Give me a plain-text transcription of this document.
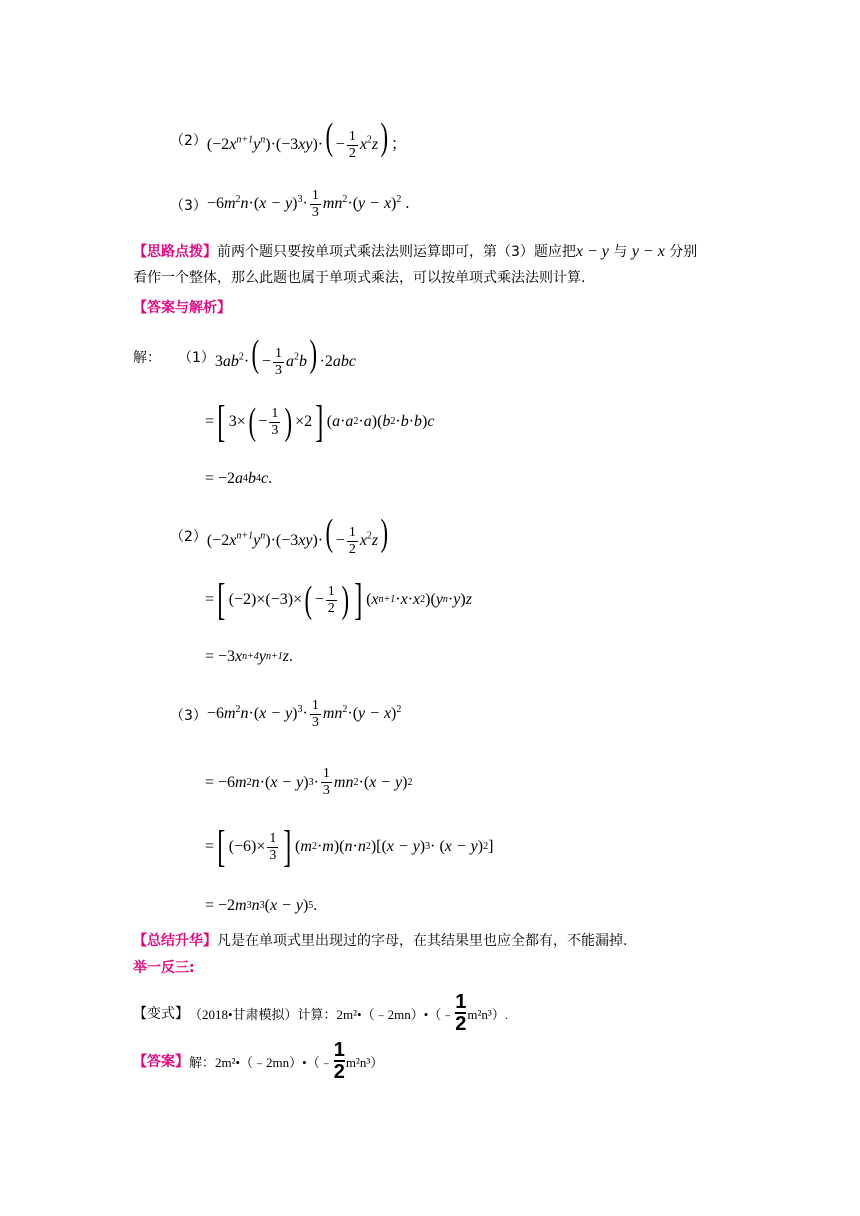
（2） $(-2x^{n+1}y^n)\cdot(-3xy)\cdot( - \frac{1}{2} x^2z)$ ；
$(3) -6m^2n\cdot(x - y)^3\cdot \frac{1}{3} mn^2\cdot(y - x)^2$ .
【思路点拨】前两个题只要按单项式乘法法则运算即可，第（3）题应把x − y 与 y − x 分别
看作一个整体，那么此题也属于单项式乘法，可以按单项式乘法法则计算.
【答案与解析】
解：	（1） $3ab^2\cdot( - \frac{1}{3} a^2b) \cdot 2abc$
= [ 3× ( − $\frac{1}{3}$ ) ×2 ] ( a · a 2 · a )( b 2 · b · b ) c
= −2 a 4 b 4 c .
（2） $(-2x^{n+1}y^n)\cdot(-3xy)\cdot( - \frac{1}{2} x^2z)$
= [ (−2)×(−3)× ( − $\frac{1}{2}$ ) ] ( x n+1 · x · x 2 )( y n · y ) z
= −3 x n+4 y n+1 z .
$(3) -6m^2n\cdot(x - y)^3\cdot \frac{1}{3} mn^2\cdot(y - x)^2$
= −6 m 2 n ·( x − y ) $3 \cdot \frac{1}{3}$ mn 2 ·( x − y ) 2
= [ $(-6)\times \frac{1}{3}$ ] ( m 2 · m )( n · n 2 )[( x − y ) 3 · ( x − y ) 2 ]
= −2 m 3 n 3 ( x − y ) 5 .
【总结升华】凡是在单项式里出现过的字母，在其结果里也应全都有，不能漏掉.
举一反三:
【变式】 （2018•甘肃模拟）计算：2m²•（﹣2mn）•（﹣ $\frac{1}{2} m^2n^3$）.
【答案】 解：2m²•（﹣2mn）•（﹣ $\frac{1}{2} m^2n^3$）
